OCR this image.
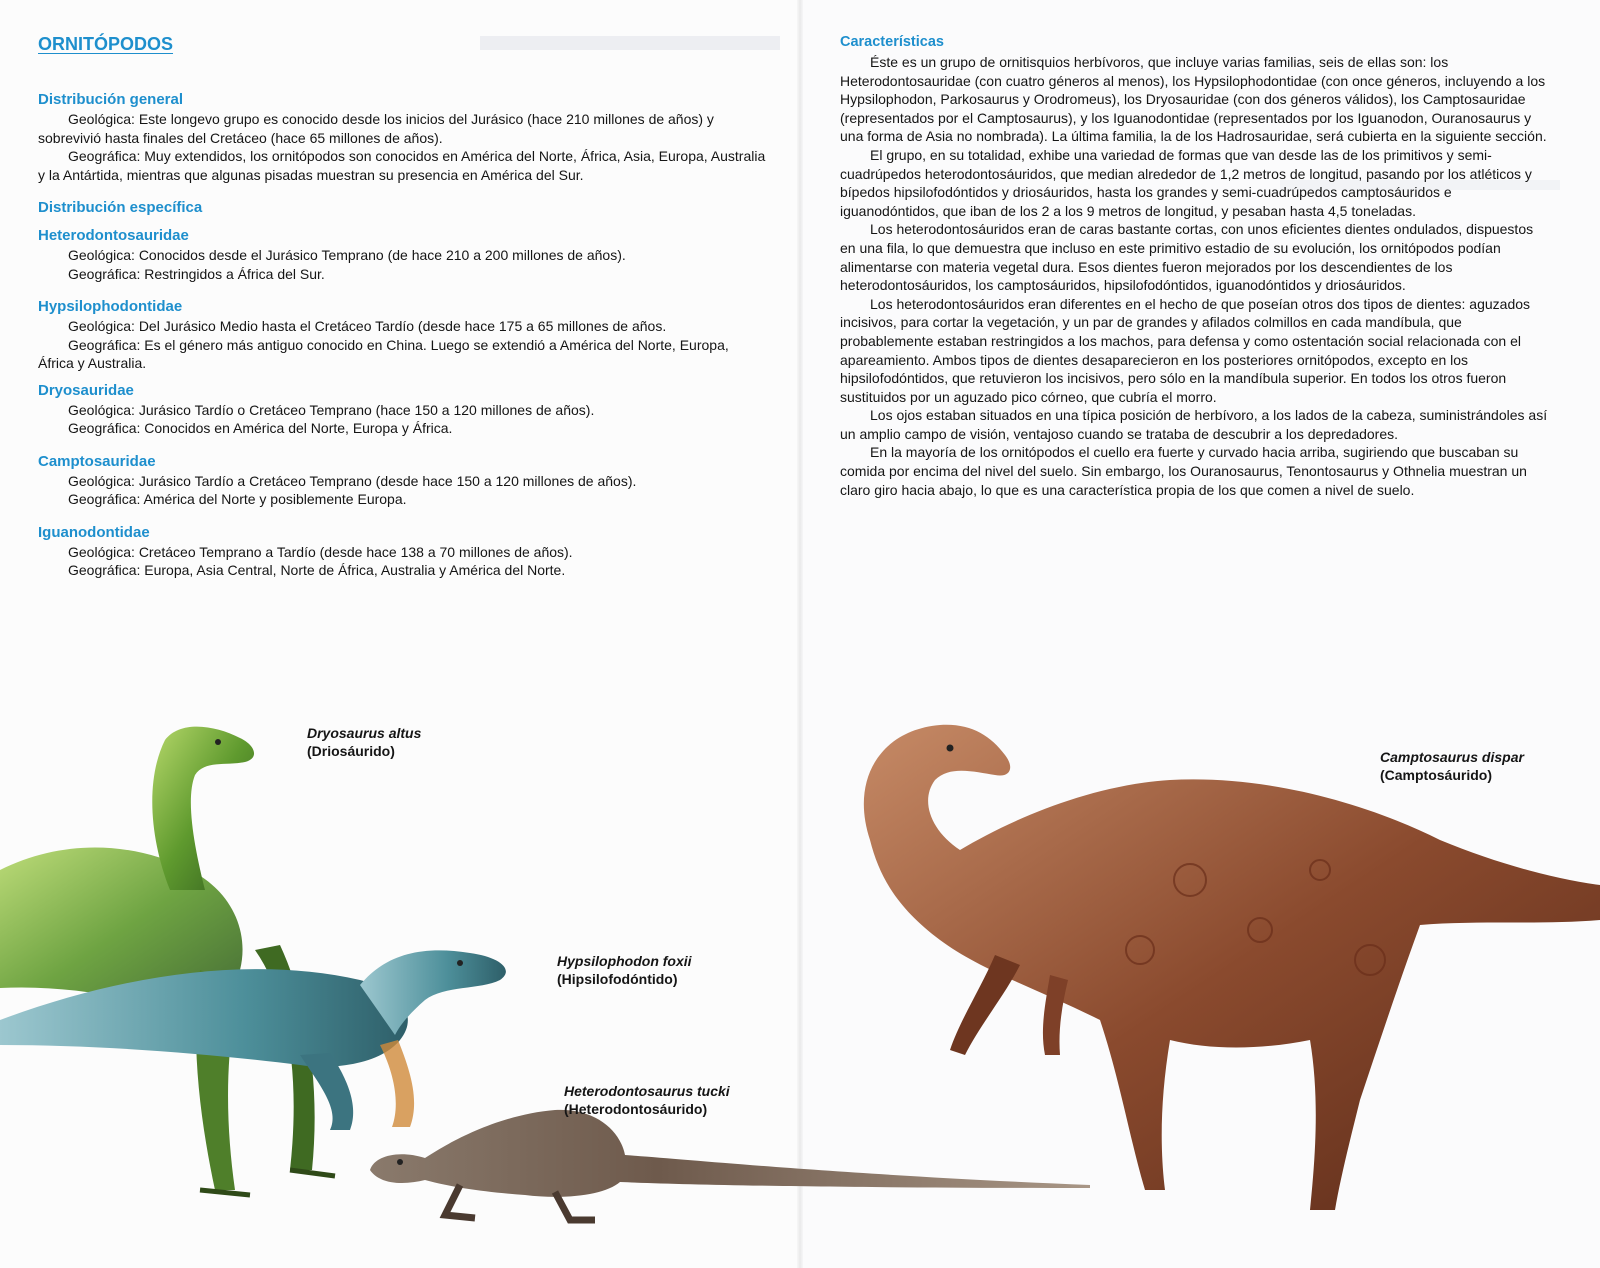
ORNITÓPODOS
Distribución general

Geológica: Este longevo grupo es conocido desde los inicios del Jurásico (hace 210 millones de años) y sobrevivió hasta finales del Cretáceo (hace 65 millones de años).

Geográfica: Muy extendidos, los ornitópodos son conocidos en América del Norte, África, Asia, Europa, Australia y la Antártida, mientras que algunas pisadas muestran su presencia en América del Sur.

Distribución específica
Heterodontosauridae

Geológica: Conocidos desde el Jurásico Temprano (de hace 210 a 200 millones de años).

Geográfica: Restringidos a África del Sur.

Hypsilophodontidae

Geológica: Del Jurásico Medio hasta el Cretáceo Tardío (desde hace 175 a 65 millones de años.

Geográfica: Es el género más antiguo conocido en China. Luego se extendió a América del Norte, Europa, África y Australia.

Dryosauridae

Geológica: Jurásico Tardío o Cretáceo Temprano (hace 150 a 120 millones de años).

Geográfica: Conocidos en América del Norte, Europa y África.

Camptosauridae

Geológica: Jurásico Tardío a Cretáceo Temprano (desde hace 150 a 120 millones de años).

Geográfica: América del Norte y posiblemente Europa.

Iguanodontidae

Geológica: Cretáceo Temprano a Tardío (desde hace 138 a 70 millones de años).

Geográfica: Europa, Asia Central, Norte de África, Australia y América del Norte.

Características

Éste es un grupo de ornitisquios herbívoros, que incluye varias familias, seis de ellas son: los Heterodontosauridae (con cuatro géneros al menos), los Hypsilophodontidae (con once géneros, incluyendo a los Hypsilophodon, Parkosaurus y Orodromeus), los Dryosauridae (con dos géneros válidos), los Camptosauridae (representados por el Camptosaurus), y los Iguanodontidae (representados por los Iguanodon, Ouranosaurus y una forma de Asia no nombrada). La última familia, la de los Hadrosauridae, será cubierta en la siguiente sección.

El grupo, en su totalidad, exhibe una variedad de formas que van desde las de los primitivos y semi-cuadrúpedos heterodontosáuridos, que median alrededor de 1,2 metros de longitud, pasando por los atléticos y bípedos hipsilofodóntidos y driosáuridos, hasta los grandes y semi-cuadrúpedos camptosáuridos e iguanodóntidos, que iban de los 2 a los 9 metros de longitud, y pesaban hasta 4,5 toneladas.

Los heterodontosáuridos eran de caras bastante cortas, con unos eficientes dientes ondulados, dispuestos en una fila, lo que demuestra que incluso en este primitivo estadio de su evolución, los ornitópodos podían alimentarse con materia vegetal dura. Esos dientes fueron mejorados por los descendientes de los heterodontosáuridos, los camptosáuridos, hipsilofodóntidos, iguanodóntidos y driosáuridos.

Los heterodontosáuridos eran diferentes en el hecho de que poseían otros dos tipos de dientes: aguzados incisivos, para cortar la vegetación, y un par de grandes y afilados colmillos en cada mandíbula, que probablemente estaban restringidos a los machos, para defensa y como ostentación social relacionada con el apareamiento. Ambos tipos de dientes desaparecieron en los posteriores ornitópodos, excepto en los hipsilofodóntidos, que retuvieron los incisivos, pero sólo en la mandíbula superior. En todos los otros fueron sustituidos por un aguzado pico córneo, que cubría el morro.

Los ojos estaban situados en una típica posición de herbívoro, a los lados de la cabeza, suministrándoles así un amplio campo de visión, ventajoso cuando se trataba de descubrir a los depredadores.

En la mayoría de los ornitópodos el cuello era fuerte y curvado hacia arriba, sugiriendo que buscaban su comida por encima del nivel del suelo. Sin embargo, los Ouranosaurus, Tenontosaurus y Othnelia muestran un claro giro hacia abajo, lo que es una característica propia de los que comen a nivel de suelo.

Dryosaurus altus
(Driosáurido)
Hypsilophodon foxii
(Hipsilofodóntido)
Heterodontosaurus tucki
(Heterodontosáurido)
Camptosaurus dispar
(Camptosáurido)
